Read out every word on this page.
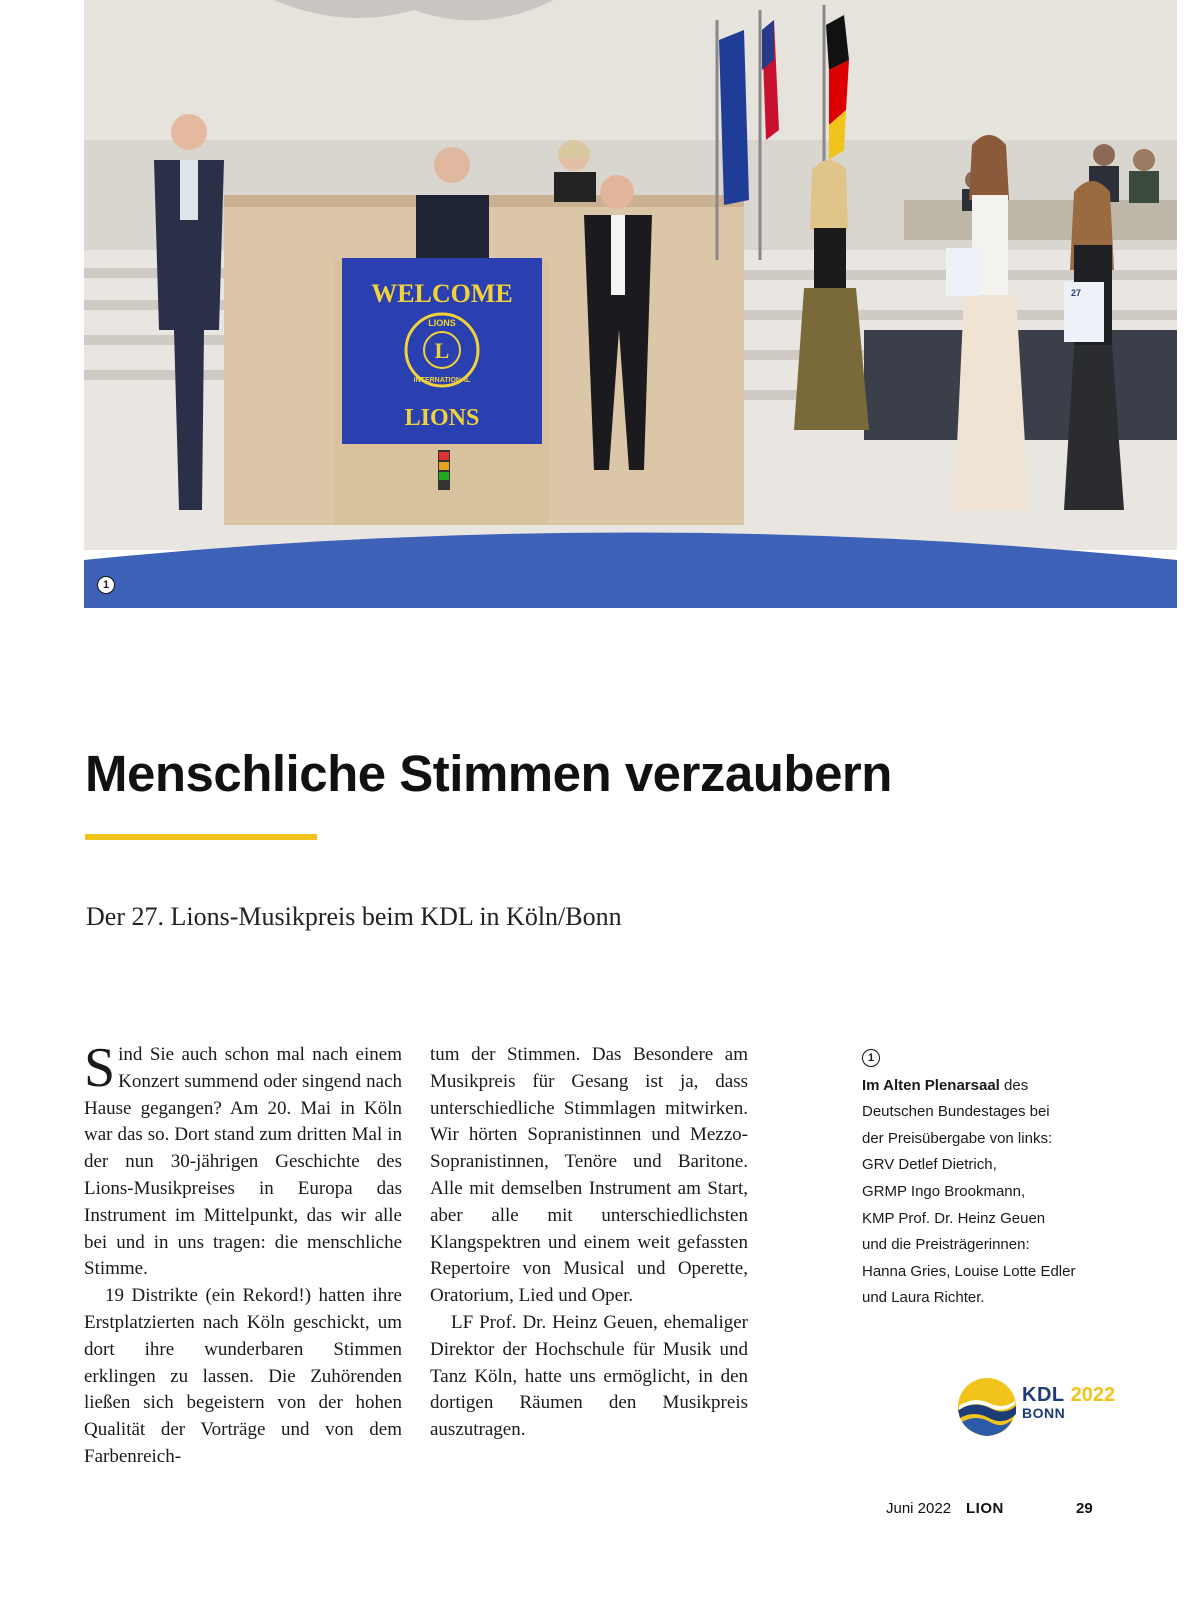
WELCOME
L
LIONS
INTERNATIONAL
LIONS
27
1
Menschliche Stimmen verzaubern
Der 27. Lions-Musikpreis beim KDL in Köln/Bonn

Sind Sie auch schon mal nach einem Konzert summend oder singend nach Hause gegangen? Am 20. Mai in Köln war das so. Dort stand zum dritten Mal in der nun 30-jährigen Geschichte des Lions-Musikpreises in Europa das Instrument im Mittelpunkt, das wir alle bei und in uns tragen: die menschliche Stimme.

19 Distrikte (ein Rekord!) hatten ihre Erstplatzierten nach Köln geschickt, um dort ihre wunderbaren Stimmen erklingen zu lassen. Die Zuhörenden ließen sich begeistern von der hohen Qualität der Vorträge und von dem Farbenreich-

tum der Stimmen. Das Besondere am Musikpreis für Gesang ist ja, dass unterschiedliche Stimmlagen mitwirken. Wir hörten Sopranistinnen und Mezzo-Sopranistinnen, Tenöre und Baritone. Alle mit demselben Instrument am Start, aber alle mit unterschiedlichsten Klangspektren und einem weit gefassten Repertoire von Musical und Operette, Oratorium, Lied und Oper.

LF Prof. Dr. Heinz Geuen, ehemaliger Direktor der Hochschule für Musik und Tanz Köln, hatte uns ermöglicht, in den dortigen Räumen den Musikpreis auszutragen.

1
Im Alten Plenarsaal des
Deutschen Bundestages bei
der Preisübergabe von links:
GRV Detlef Dietrich,
GRMP Ingo Brookmann,
KMP Prof. Dr. Heinz Geuen
und die Preisträgerinnen:
Hanna Gries, Louise Lotte Edler
und Laura Richter.
KDL 2022
BONN
Juni 2022 LION	29
